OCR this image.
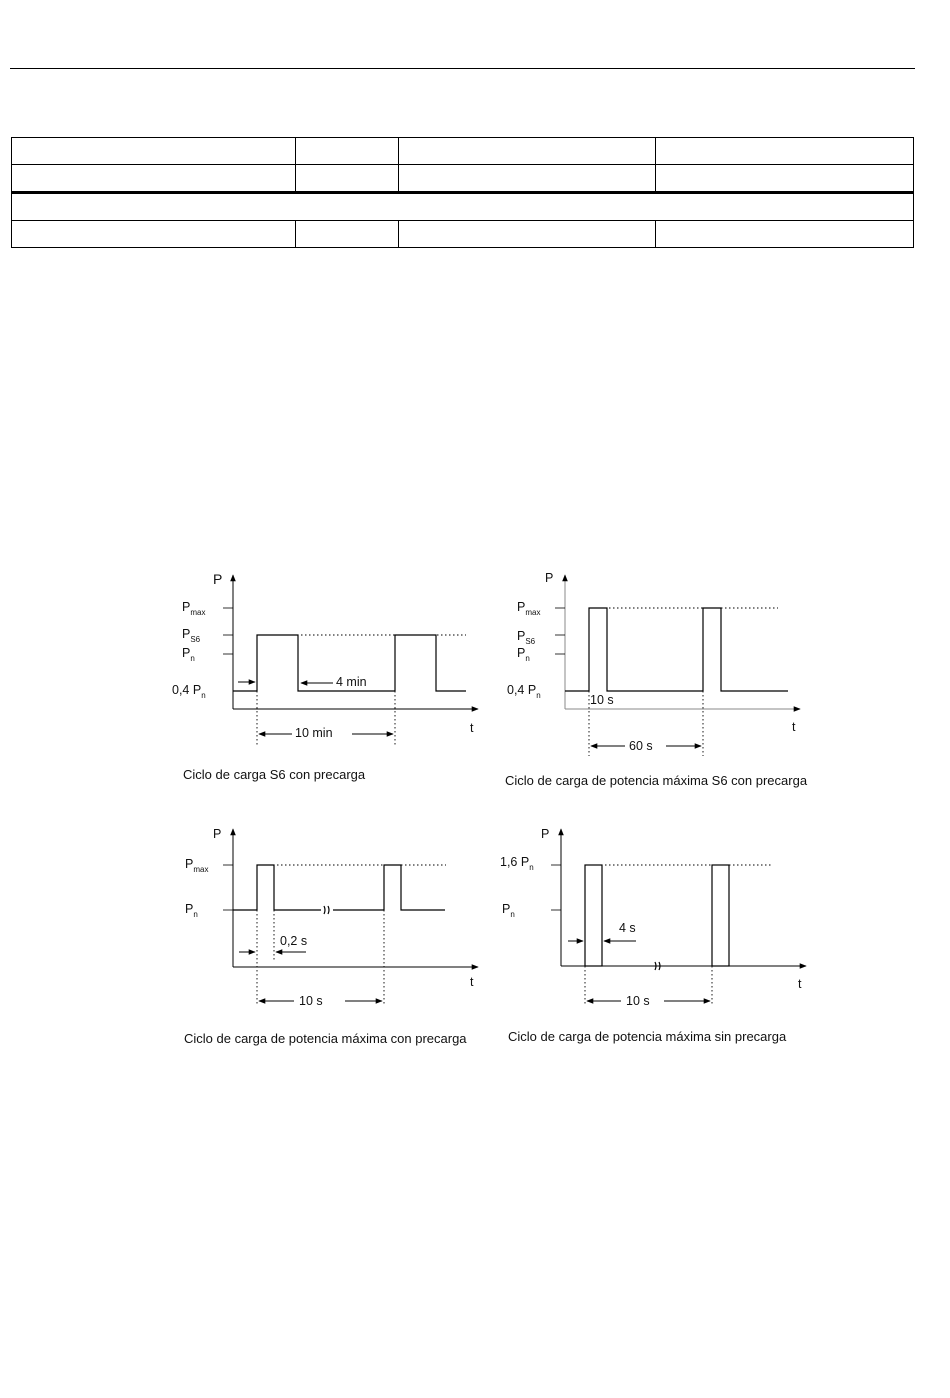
P
t
$P_{max}$
$P_{S6}$
$P_n$
0,4 $P_n$
4 min
10 min
Ciclo de carga S6 con precarga
P
t
$P_{max}$
$P_{S6}$
$P_n$
0,4 $P_n$	10 s
60 s
Ciclo de carga de potencia máxima S6 con precarga
P
t
$P_{max}$
$P_n$
0,2 s
10 s
Ciclo de carga de potencia máxima con precarga
P
t
1,6 $P_n$
$P_n$
4 s
10 s
Ciclo de carga de potencia máxima sin precarga
